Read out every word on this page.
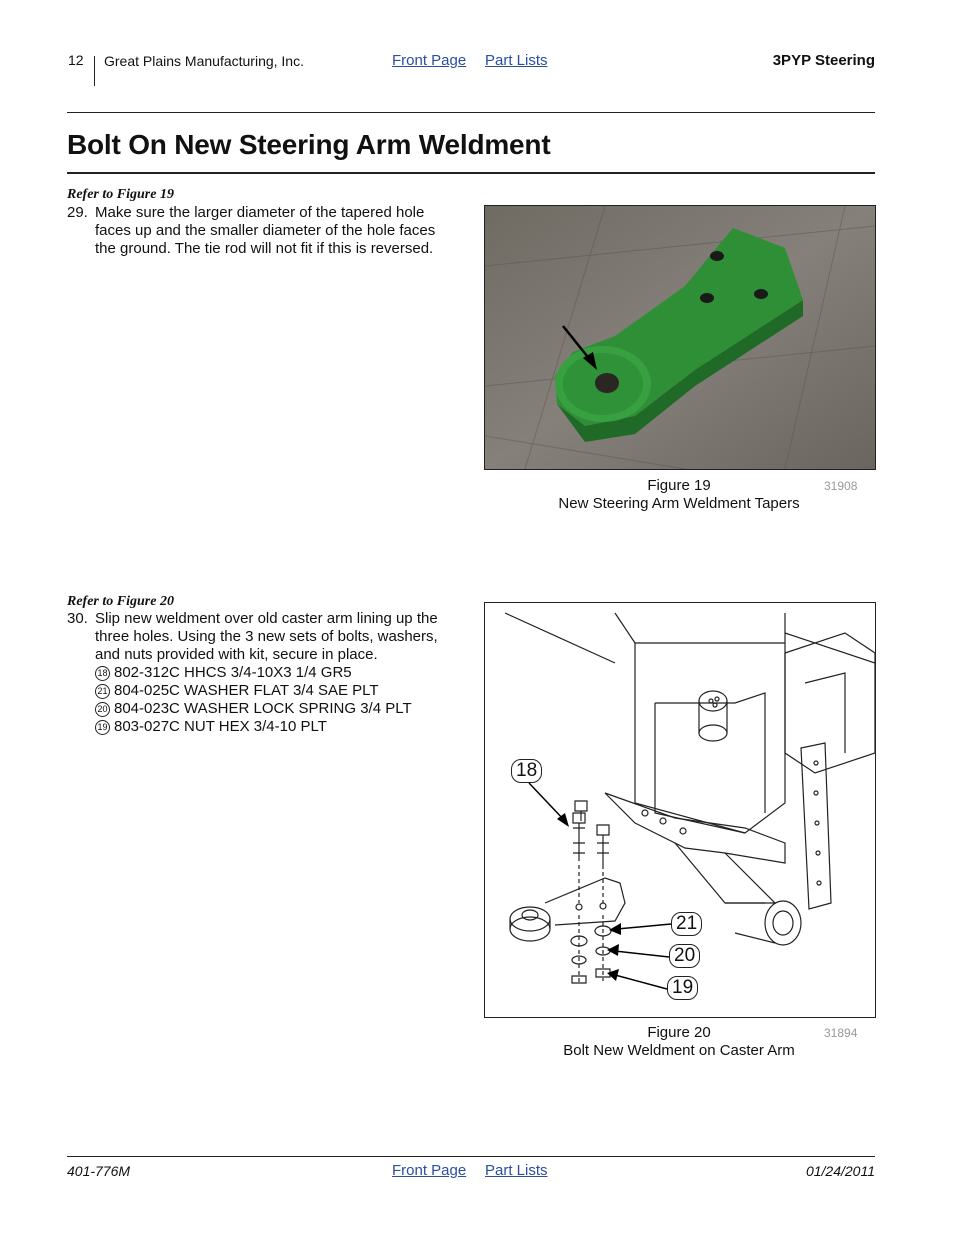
12 Great Plains Manufacturing, Inc.	Front Page Part Lists	3PYP Steering
Bolt On New Steering Arm Weldment
Refer to Figure 19
29. Make sure the larger diameter of the tapered hole faces up and the smaller diameter of the hole faces the ground. The tie rod will not fit if this is reversed.
Figure 19
New Steering Arm Weldment Tapers
31908
Refer to Figure 20
30. Slip new weldment over old caster arm lining up the three holes. Using the 3 new sets of bolts, washers, and nuts provided with kit, secure in place.
18 802-312C HHCS 3/4-10X3 1/4 GR5
21 804-025C WASHER FLAT 3/4 SAE PLT
20 804-023C WASHER LOCK SPRING 3/4 PLT
19 803-027C NUT HEX 3/4-10 PLT
18
21
20
19
Figure 20
Bolt New Weldment on Caster Arm
31894
401-776M	Front Page Part Lists	01/24/2011
